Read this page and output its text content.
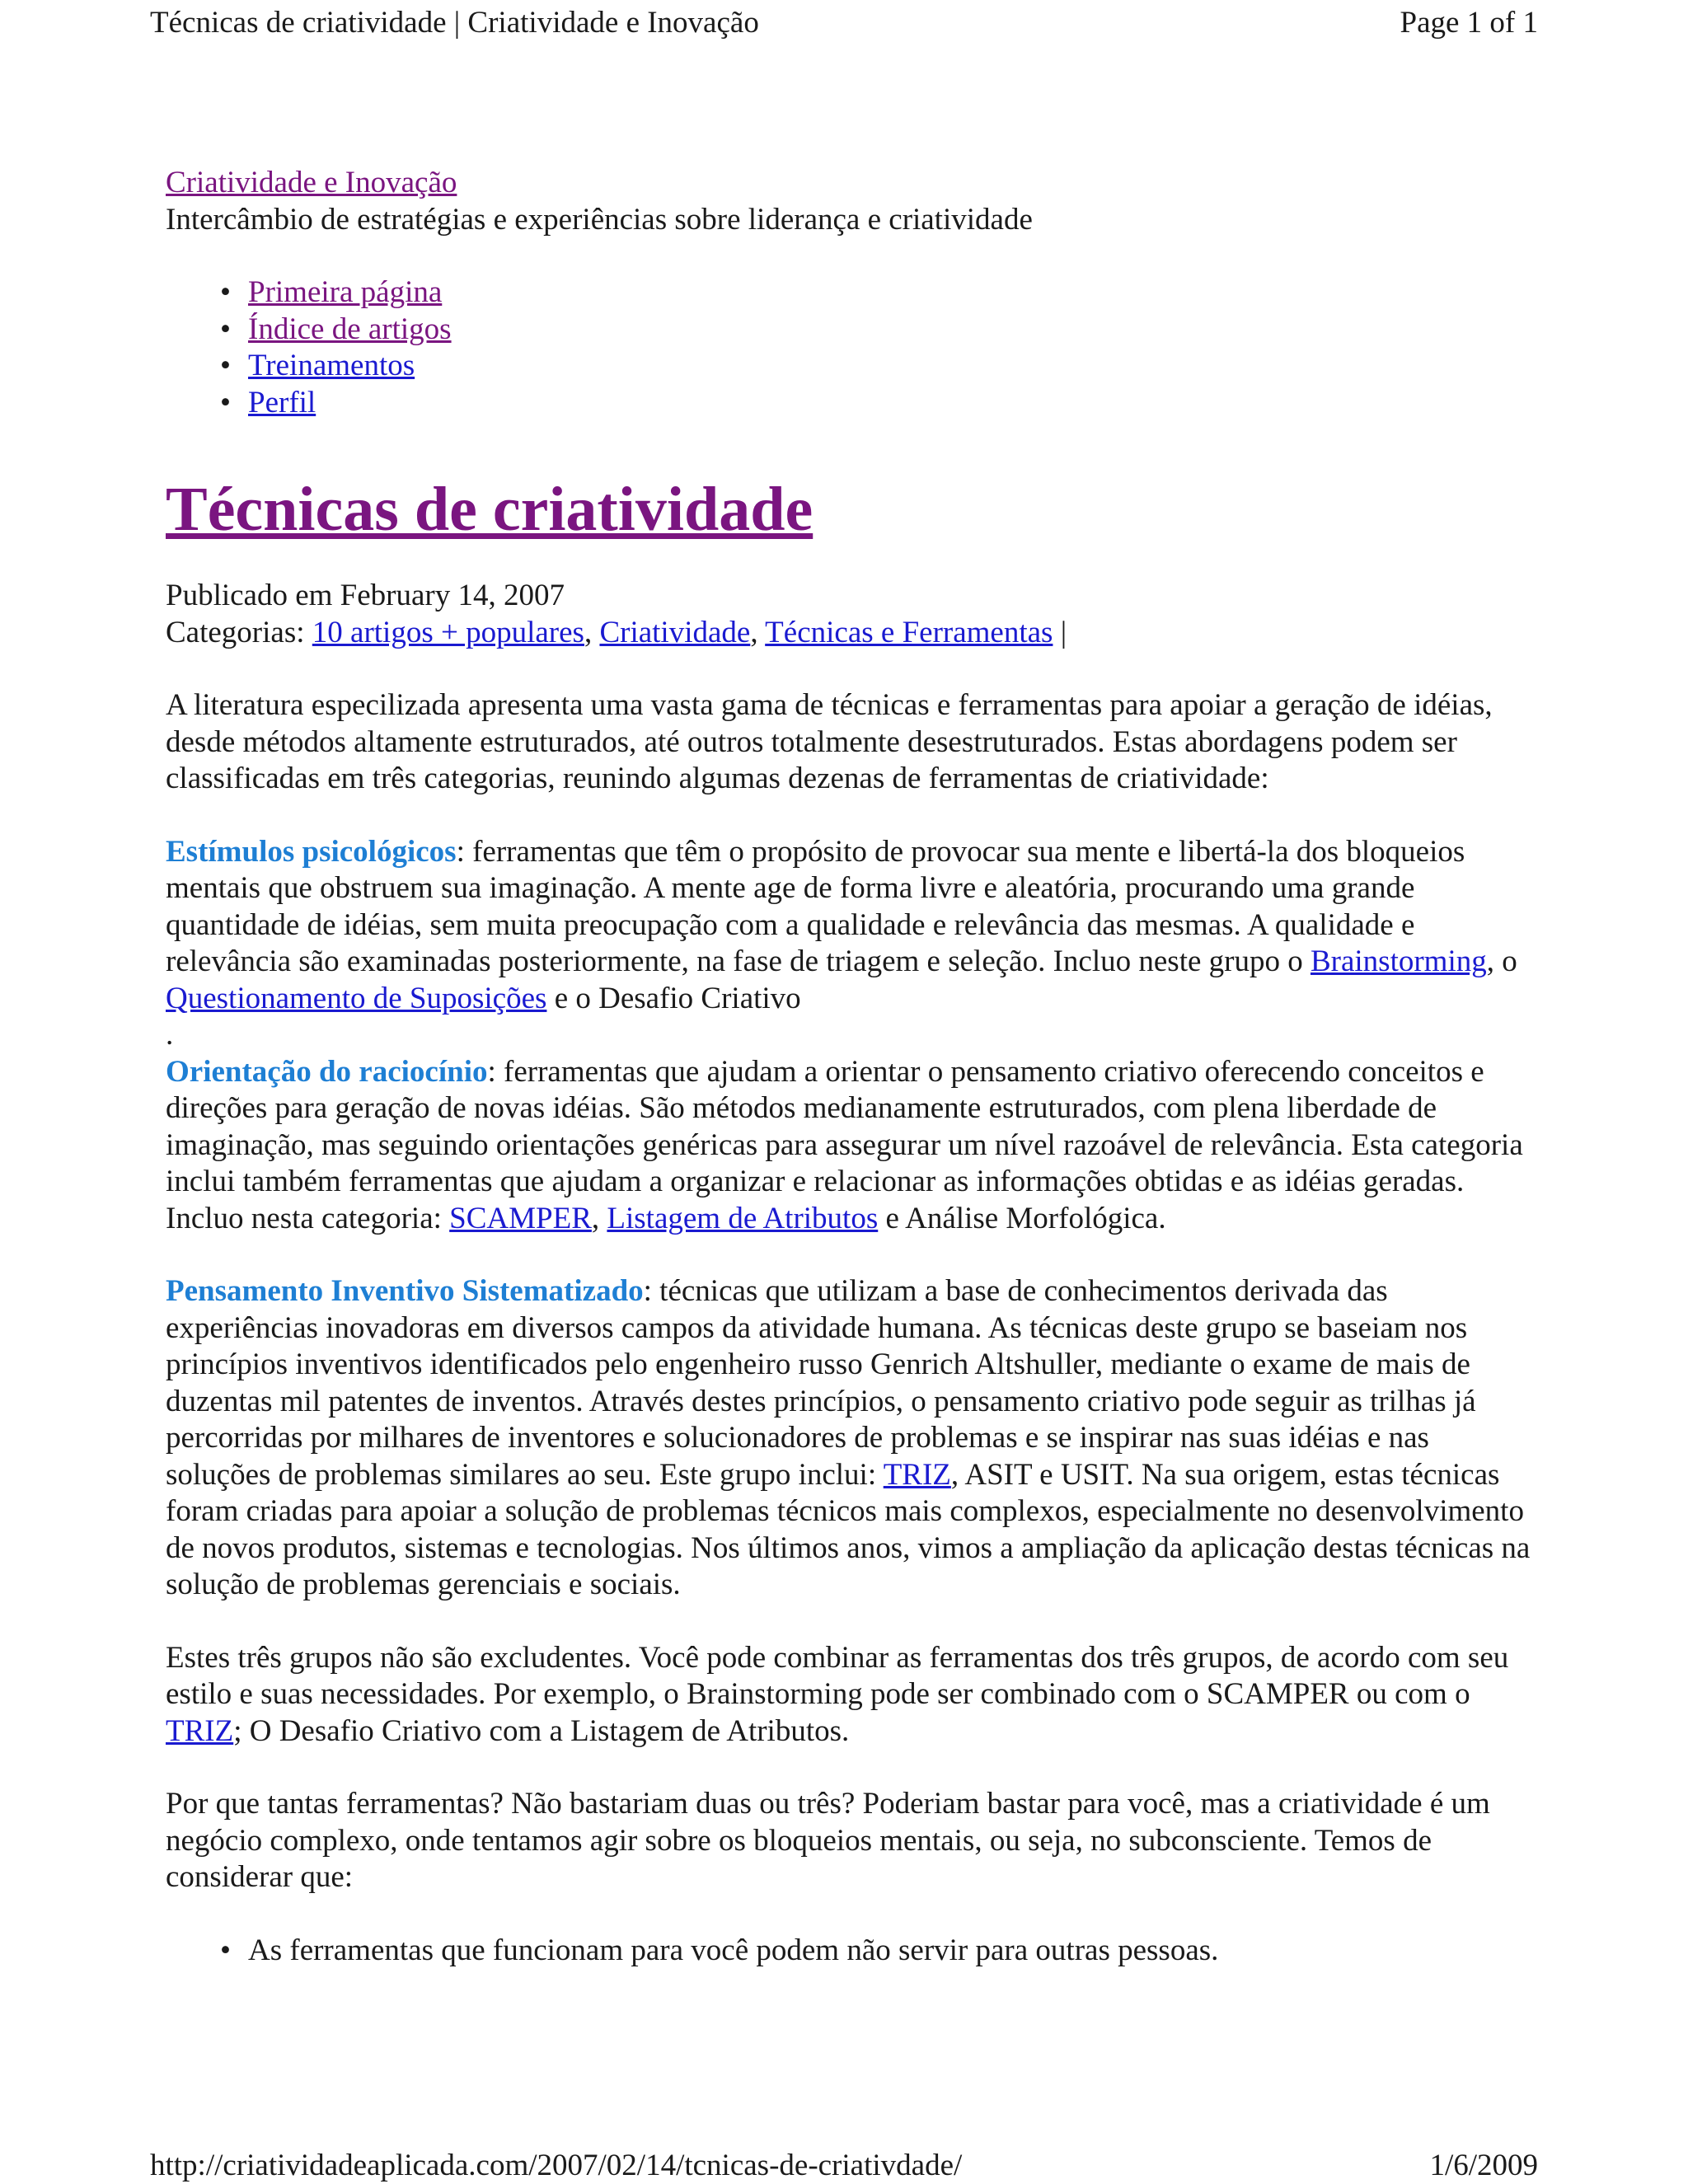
Técnicas de criatividade | Criatividade e Inovação	Page 1 of 1
Criatividade e Inovação
Intercâmbio de estratégias e experiências sobre liderança e criatividade
• Primeira página
• Índice de artigos
• Treinamentos
• Perfil
Técnicas de criatividade
Publicado em February 14, 2007
Categorias: 10 artigos + populares, Criatividade, Técnicas e Ferramentas |

A literatura especilizada apresenta uma vasta gama de técnicas e ferramentas para apoiar a geração de idéias, desde métodos altamente estruturados, até outros totalmente desestruturados. Estas abordagens podem ser classificadas em três categorias, reunindo algumas dezenas de ferramentas de criatividade:

Estímulos psicológicos: ferramentas que têm o propósito de provocar sua mente e libertá-la dos bloqueios mentais que obstruem sua imaginação. A mente age de forma livre e aleatória, procurando uma grande quantidade de idéias, sem muita preocupação com a qualidade e relevância das mesmas. A qualidade e relevância são examinadas posteriormente, na fase de triagem e seleção. Incluo neste grupo o Brainstorming, o Questionamento de Suposições e o Desafio Criativo
.
Orientação do raciocínio: ferramentas que ajudam a orientar o pensamento criativo oferecendo conceitos e direções para geração de novas idéias. São métodos medianamente estruturados, com plena liberdade de imaginação, mas seguindo orientações genéricas para assegurar um nível razoável de relevância. Esta categoria inclui também ferramentas que ajudam a organizar e relacionar as informações obtidas e as idéias geradas. Incluo nesta categoria: SCAMPER, Listagem de Atributos e Análise Morfológica.

Pensamento Inventivo Sistematizado: técnicas que utilizam a base de conhecimentos derivada das experiências inovadoras em diversos campos da atividade humana. As técnicas deste grupo se baseiam nos princípios inventivos identificados pelo engenheiro russo Genrich Altshuller, mediante o exame de mais de duzentas mil patentes de inventos. Através destes princípios, o pensamento criativo pode seguir as trilhas já percorridas por milhares de inventores e solucionadores de problemas e se inspirar nas suas idéias e nas soluções de problemas similares ao seu. Este grupo inclui: TRIZ, ASIT e USIT. Na sua origem, estas técnicas foram criadas para apoiar a solução de problemas técnicos mais complexos, especialmente no desenvolvimento de novos produtos, sistemas e tecnologias. Nos últimos anos, vimos a ampliação da aplicação destas técnicas na solução de problemas gerenciais e sociais.

Estes três grupos não são excludentes. Você pode combinar as ferramentas dos três grupos, de acordo com seu estilo e suas necessidades. Por exemplo, o Brainstorming pode ser combinado com o SCAMPER ou com o TRIZ; O Desafio Criativo com a Listagem de Atributos.

Por que tantas ferramentas? Não bastariam duas ou três? Poderiam bastar para você, mas a criatividade é um negócio complexo, onde tentamos agir sobre os bloqueios mentais, ou seja, no subconsciente. Temos de considerar que:

• As ferramentas que funcionam para você podem não servir para outras pessoas.
http://criatividadeaplicada.com/2007/02/14/tcnicas-de-criativdade/	1/6/2009
